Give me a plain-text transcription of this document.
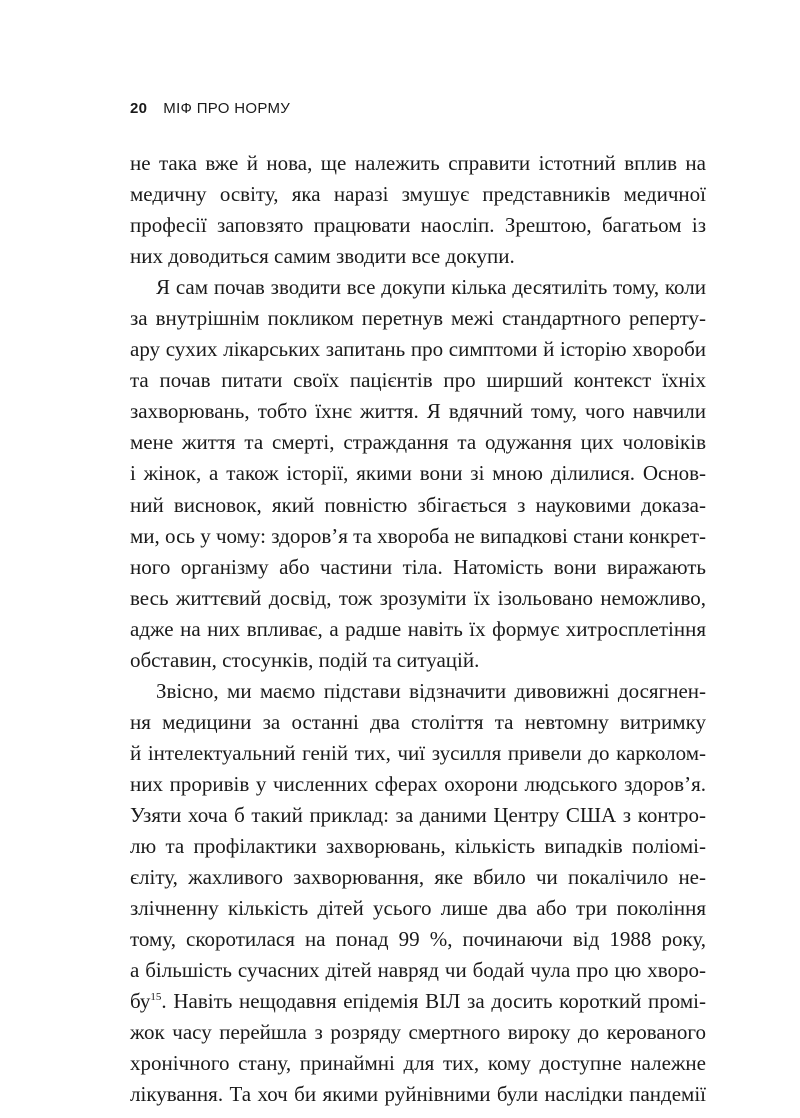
20 МІФ ПРО НОРМУ
не така вже й нова, ще належить справити істотний вплив на
медичну освіту, яка наразі змушує представників медичної
професії заповзято працювати наосліп. Зрештою, багатьом із
них доводиться самим зводити все докупи.
Я сам почав зводити все докупи кілька десятиліть тому, коли
за внутрішнім покликом перетнув межі стандартного реперту-
ару сухих лікарських запитань про симптоми й історію хвороби
та почав питати своїх пацієнтів про ширший контекст їхніх
захворювань, тобто їхнє життя. Я вдячний тому, чого навчили
мене життя та смерті, страждання та одужання цих чоловіків
і жінок, а також історії, якими вони зі мною ділилися. Основ-
ний висновок, який повністю збігається з науковими доказа-
ми, ось у чому: здоров’я та хвороба не випадкові стани конкрет-
ного організму або частини тіла. Натомість вони виражають
весь життєвий досвід, тож зрозуміти їх ізольовано неможливо,
адже на них впливає, а радше навіть їх формує хитросплетіння
обставин, стосунків, подій та ситуацій.
Звісно, ми маємо підстави відзначити дивовижні досягнен-
ня медицини за останні два століття та невтомну витримку
й інтелектуальний геній тих, чиї зусилля привели до карколом-
них проривів у численних сферах охорони людського здоров’я.
Узяти хоча б такий приклад: за даними Центру США з контро-
лю та профілактики захворювань, кількість випадків поліомі-
єліту, жахливого захворювання, яке вбило чи покалічило не-
злічненну кількість дітей усього лише два або три покоління
тому, скоротилася на понад 99 %, починаючи від 1988 року,
а більшість сучасних дітей навряд чи бодай чула про цю хворо-
$бу^{15}$. Навіть нещодавня епідемія ВІЛ за досить короткий промі-
жок часу перейшла з розряду смертного вироку до керованого
хронічного стану, принаймні для тих, кому доступне належне
лікування. Та хоч би якими руйнівними були наслідки пандемії
